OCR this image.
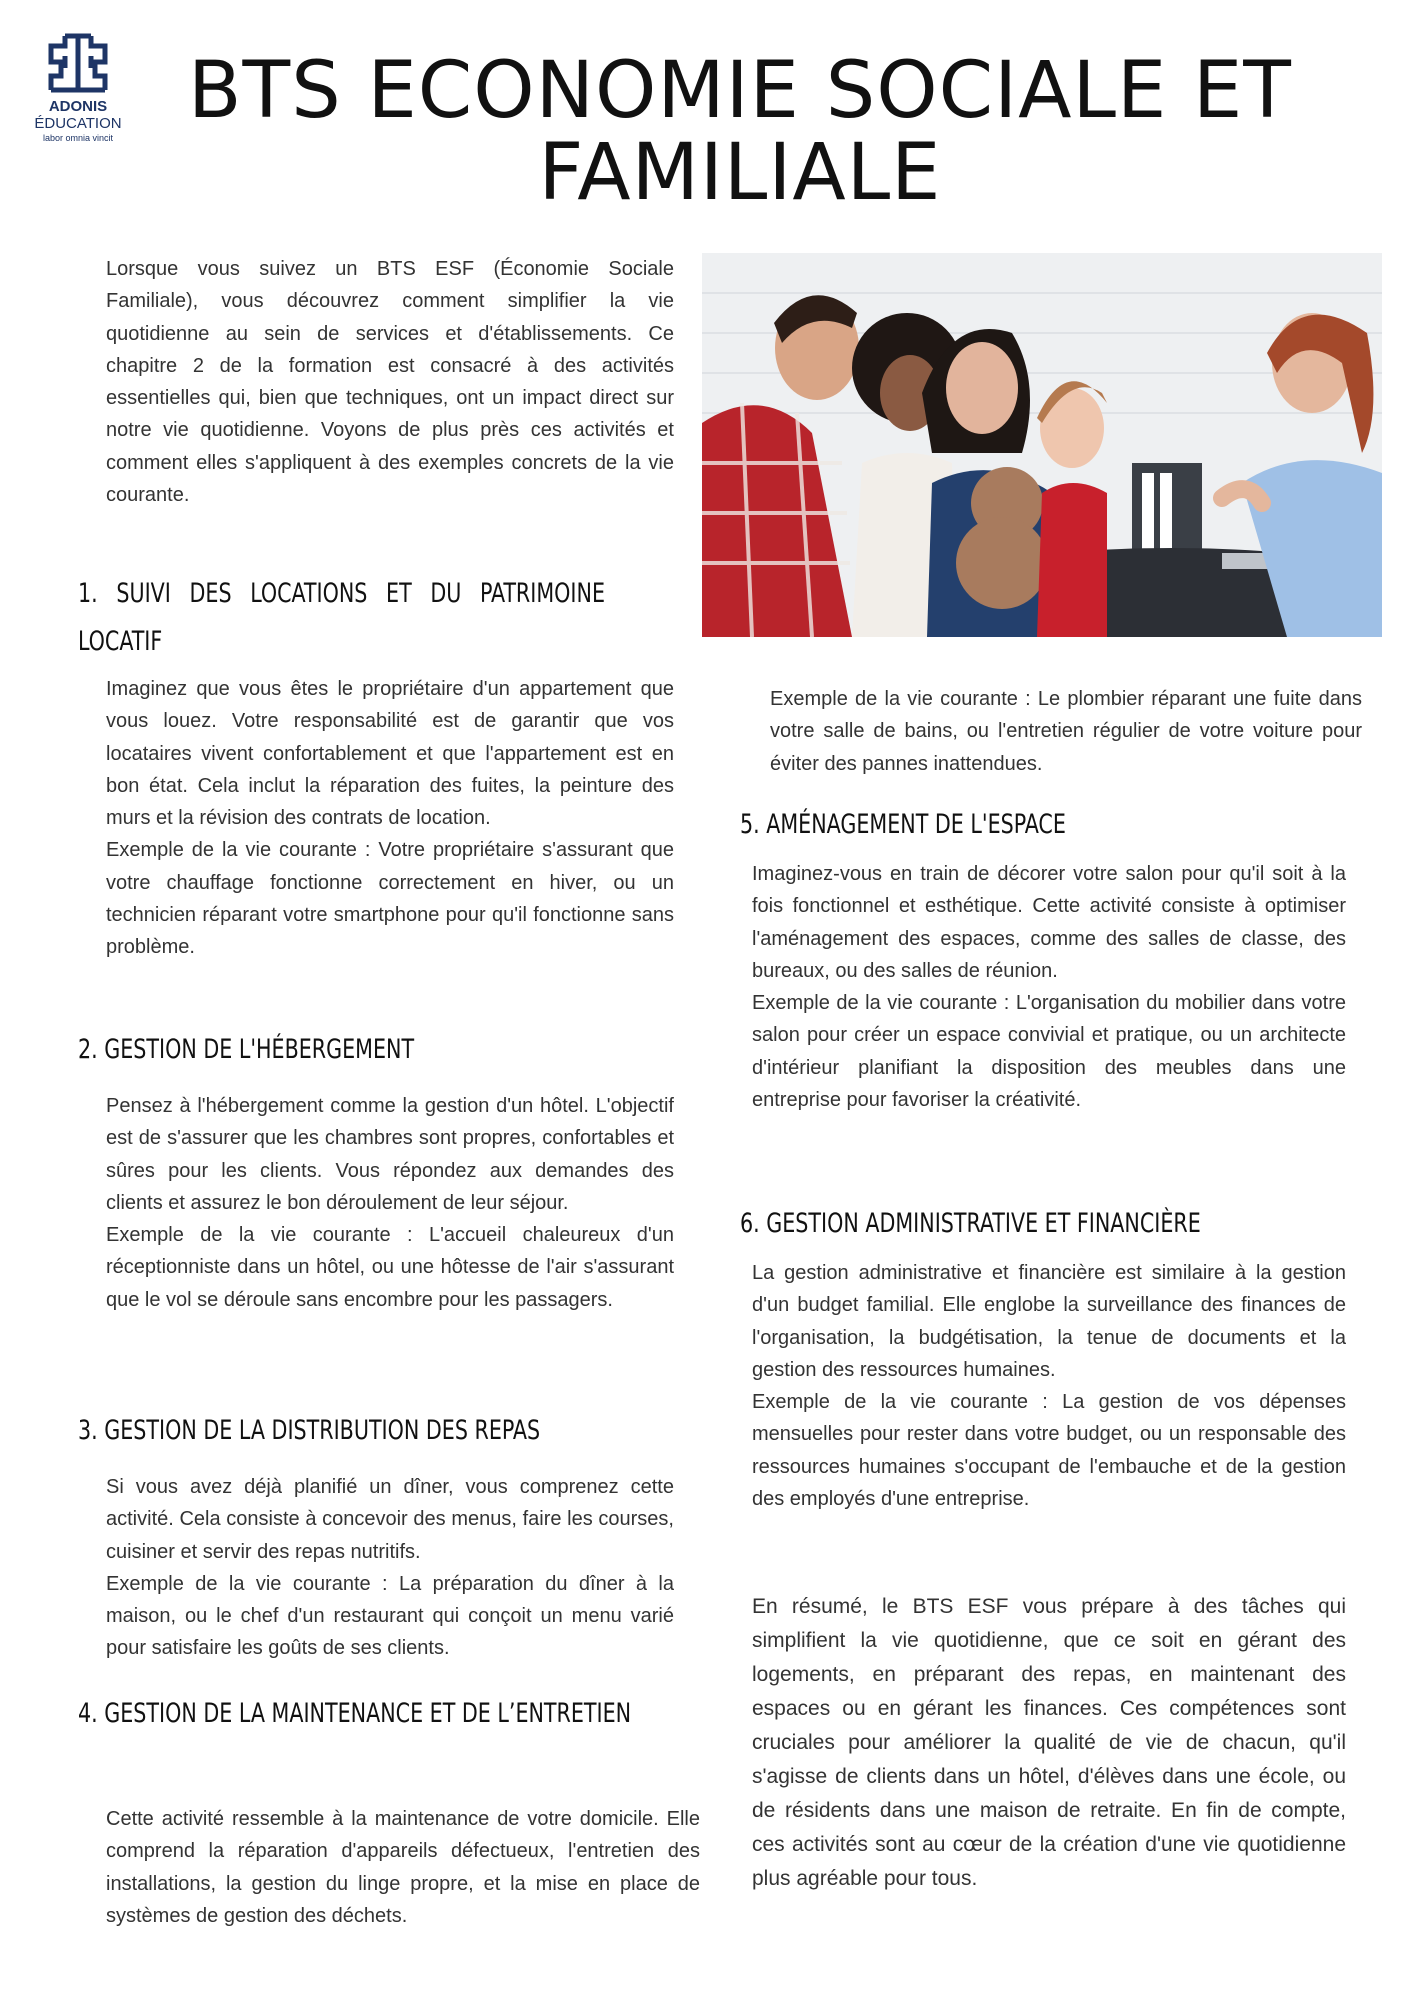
ADONIS
ÉDUCATION
labor omnia vincit
BTS ECONOMIE SOCIALE ET FAMILIALE

Lorsque vous suivez un BTS ESF (Économie Sociale Familiale), vous découvrez comment simplifier la vie quotidienne au sein de services et d'établissements. Ce chapitre 2 de la formation est consacré à des activités essentielles qui, bien que techniques, ont un impact direct sur notre vie quotidienne. Voyons de plus près ces activités et comment elles s'appliquent à des exemples concrets de la vie courante.

1. SUIVI DES LOCATIONS ET DU PATRIMOINE LOCATIF

Imaginez que vous êtes le propriétaire d'un appartement que vous louez. Votre responsabilité est de garantir que vos locataires vivent confortablement et que l'appartement est en bon état. Cela inclut la réparation des fuites, la peinture des murs et la révision des contrats de location.

Exemple de la vie courante : Votre propriétaire s'assurant que votre chauffage fonctionne correctement en hiver, ou un technicien réparant votre smartphone pour qu'il fonctionne sans problème.

2. GESTION DE L'HÉBERGEMENT

Pensez à l'hébergement comme la gestion d'un hôtel. L'objectif est de s'assurer que les chambres sont propres, confortables et sûres pour les clients. Vous répondez aux demandes des clients et assurez le bon déroulement de leur séjour.

Exemple de la vie courante : L'accueil chaleureux d'un réceptionniste dans un hôtel, ou une hôtesse de l'air s'assurant que le vol se déroule sans encombre pour les passagers.

3. GESTION DE LA DISTRIBUTION DES REPAS

Si vous avez déjà planifié un dîner, vous comprenez cette activité. Cela consiste à concevoir des menus, faire les courses, cuisiner et servir des repas nutritifs.

Exemple de la vie courante : La préparation du dîner à la maison, ou le chef d'un restaurant qui conçoit un menu varié pour satisfaire les goûts de ses clients.

4. GESTION DE LA MAINTENANCE ET DE L’ENTRETIEN

Cette activité ressemble à la maintenance de votre domicile. Elle comprend la réparation d'appareils défectueux, l'entretien des installations, la gestion du linge propre, et la mise en place de systèmes de gestion des déchets.

Exemple de la vie courante : Le plombier réparant une fuite dans votre salle de bains, ou l'entretien régulier de votre voiture pour éviter des pannes inattendues.

5. AMÉNAGEMENT DE L'ESPACE

Imaginez-vous en train de décorer votre salon pour qu'il soit à la fois fonctionnel et esthétique. Cette activité consiste à optimiser l'aménagement des espaces, comme des salles de classe, des bureaux, ou des salles de réunion.

Exemple de la vie courante : L'organisation du mobilier dans votre salon pour créer un espace convivial et pratique, ou un architecte d'intérieur planifiant la disposition des meubles dans une entreprise pour favoriser la créativité.

6. GESTION ADMINISTRATIVE ET FINANCIÈRE

La gestion administrative et financière est similaire à la gestion d'un budget familial. Elle englobe la surveillance des finances de l'organisation, la budgétisation, la tenue de documents et la gestion des ressources humaines.

Exemple de la vie courante : La gestion de vos dépenses mensuelles pour rester dans votre budget, ou un responsable des ressources humaines s'occupant de l'embauche et de la gestion des employés d'une entreprise.

En résumé, le BTS ESF vous prépare à des tâches qui simplifient la vie quotidienne, que ce soit en gérant des logements, en préparant des repas, en maintenant des espaces ou en gérant les finances. Ces compétences sont cruciales pour améliorer la qualité de vie de chacun, qu'il s'agisse de clients dans un hôtel, d'élèves dans une école, ou de résidents dans une maison de retraite. En fin de compte, ces activités sont au cœur de la création d'une vie quotidienne plus agréable pour tous.
